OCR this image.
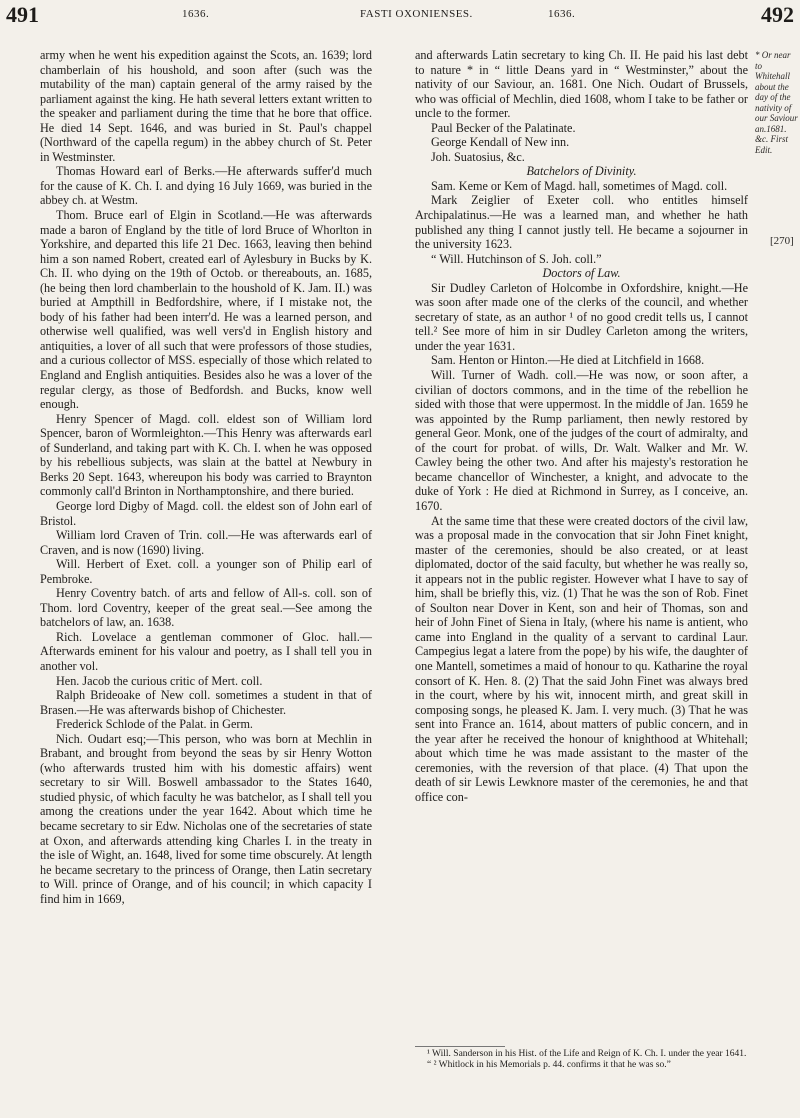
491	1636.	FASTI OXONIENSES.	1636.	492

army when he went his expedition against the Scots, an. 1639; lord chamberlain of his houshold, and soon after (such was the mutability of the man) captain general of the army raised by the parliament against the king. He hath several letters extant written to the speaker and parliament during the time that he bore that office. He died 14 Sept. 1646, and was buried in St. Paul's chappel (Northward of the capella regum) in the abbey church of St. Peter in Westminster.

Thomas Howard earl of Berks.—He afterwards suffer'd much for the cause of K. Ch. I. and dying 16 July 1669, was buried in the abbey ch. at Westm.

Thom. Bruce earl of Elgin in Scotland.—He was afterwards made a baron of England by the title of lord Bruce of Whorlton in Yorkshire, and departed this life 21 Dec. 1663, leaving then behind him a son named Robert, created earl of Aylesbury in Bucks by K. Ch. II. who dying on the 19th of Octob. or thereabouts, an. 1685, (he being then lord chamberlain to the houshold of K. Jam. II.) was buried at Ampthill in Bedfordshire, where, if I mistake not, the body of his father had been interr'd. He was a learned person, and otherwise well qualified, was well vers'd in English history and antiquities, a lover of all such that were professors of those studies, and a curious collector of MSS. especially of those which related to England and English antiquities. Besides also he was a lover of the regular clergy, as those of Bedfordsh. and Bucks, know well enough.

Henry Spencer of Magd. coll. eldest son of William lord Spencer, baron of Wormleighton.—This Henry was afterwards earl of Sunderland, and taking part with K. Ch. I. when he was opposed by his rebellious subjects, was slain at the battel at Newbury in Berks 20 Sept. 1643, whereupon his body was carried to Braynton commonly call'd Brinton in Northamptonshire, and there buried.

George lord Digby of Magd. coll. the eldest son of John earl of Bristol.

William lord Craven of Trin. coll.—He was afterwards earl of Craven, and is now (1690) living.

Will. Herbert of Exet. coll. a younger son of Philip earl of Pembroke.

Henry Coventry batch. of arts and fellow of All-s. coll. son of Thom. lord Coventry, keeper of the great seal.—See among the batchelors of law, an. 1638.

Rich. Lovelace a gentleman commoner of Gloc. hall.—Afterwards eminent for his valour and poetry, as I shall tell you in another vol.

Hen. Jacob the curious critic of Mert. coll.

Ralph Brideoake of New coll. sometimes a student in that of Brasen.—He was afterwards bishop of Chichester.

Frederick Schlode of the Palat. in Germ.

Nich. Oudart esq;—This person, who was born at Mechlin in Brabant, and brought from beyond the seas by sir Henry Wotton (who afterwards trusted him with his domestic affairs) went secretary to sir Will. Boswell ambassador to the States 1640, studied physic, of which faculty he was batchelor, as I shall tell you among the creations under the year 1642. About which time he became secretary to sir Edw. Nicholas one of the secretaries of state at Oxon, and afterwards attending king Charles I. in the treaty in the isle of Wight, an. 1648, lived for some time obscurely. At length he became secretary to the princess of Orange, then Latin secretary to Will. prince of Orange, and of his council; in which capacity I find him in 1669,

and afterwards Latin secretary to king Ch. II. He paid his last debt to nature * in “ little Deans yard in “ Westminster,” about the nativity of our Saviour, an. 1681. One Nich. Oudart of Brussels, who was official of Mechlin, died 1608, whom I take to be father or uncle to the former.

Paul Becker of the Palatinate.

George Kendall of New inn.

Joh. Suatosius, &c.

Batchelors of Divinity.

Sam. Keme or Kem of Magd. hall, sometimes of Magd. coll.

Mark Zeiglier of Exeter coll. who entitles himself Archipalatinus.—He was a learned man, and whether he hath published any thing I cannot justly tell. He became a sojourner in the university 1623.

“ Will. Hutchinson of S. Joh. coll.”

Doctors of Law.

Sir Dudley Carleton of Holcombe in Oxfordshire, knight.—He was soon after made one of the clerks of the council, and whether secretary of state, as an author ¹ of no good credit tells us, I cannot tell.² See more of him in sir Dudley Carleton among the writers, under the year 1631.

Sam. Henton or Hinton.—He died at Litchfield in 1668.

Will. Turner of Wadh. coll.—He was now, or soon after, a civilian of doctors commons, and in the time of the rebellion he sided with those that were uppermost. In the middle of Jan. 1659 he was appointed by the Rump parliament, then newly restored by general Geor. Monk, one of the judges of the court of admiralty, and of the court for probat. of wills, Dr. Walt. Walker and Mr. W. Cawley being the other two. And after his majesty's restoration he became chancellor of Winchester, a knight, and advocate to the duke of York : He died at Richmond in Surrey, as I conceive, an. 1670.

At the same time that these were created doctors of the civil law, was a proposal made in the convocation that sir John Finet knight, master of the ceremonies, should be also created, or at least diplomated, doctor of the said faculty, but whether he was really so, it appears not in the public register. However what I have to say of him, shall be briefly this, viz. (1) That he was the son of Rob. Finet of Soulton near Dover in Kent, son and heir of Thomas, son and heir of John Finet of Siena in Italy, (where his name is antient, who came into England in the quality of a servant to cardinal Laur. Campegius legat a latere from the pope) by his wife, the daughter of one Mantell, sometimes a maid of honour to qu. Katharine the royal consort of K. Hen. 8. (2) That the said John Finet was always bred in the court, where by his wit, innocent mirth, and great skill in composing songs, he pleased K. Jam. I. very much. (3) That he was sent into France an. 1614, about matters of public concern, and in the year after he received the honour of knighthood at Whitehall; about which time he was made assistant to the master of the ceremonies, with the reversion of that place. (4) That upon the death of sir Lewis Lewknore master of the ceremonies, he and that office con-

* Or near to Whitehall about the day of the nativity of our Saviour an.1681. &c. First Edit.
[270]

¹ Will. Sanderson in his Hist. of the Life and Reign of K. Ch. I. under the year 1641.

“ ² Whitlock in his Memorials p. 44. confirms it that he was so.”
